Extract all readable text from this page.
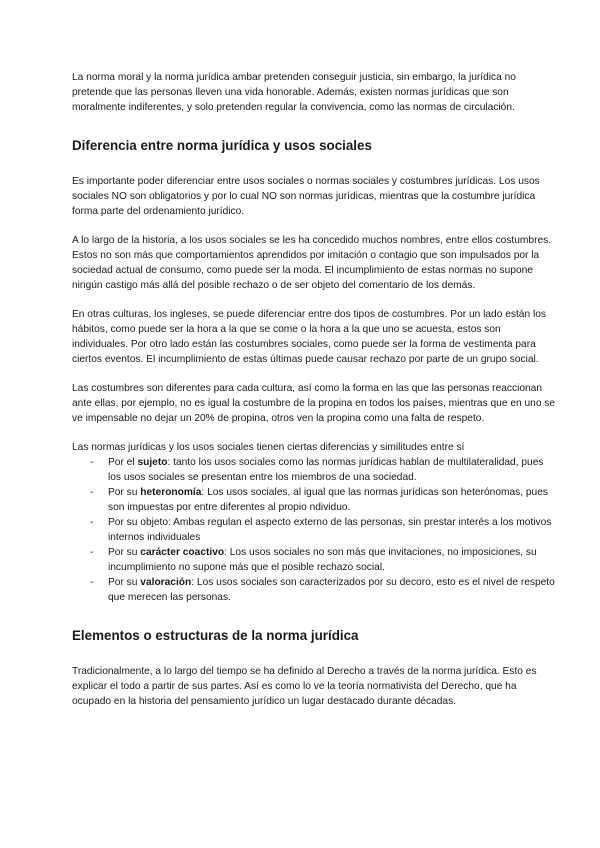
La norma moral y la norma jurídica ambar pretenden conseguir justicia, sin embargo, la jurídica no pretende que las personas lleven una vida honorable. Además, existen normas jurídicas que son moralmente indiferentes, y solo pretenden regular la convivencia, como las normas de circulación.

Diferencia entre norma jurídica y usos sociales

Es importante poder diferenciar entre usos sociales o normas sociales y costumbres jurídicas. Los usos sociales NO son obligatorios y por lo cual NO son normas jurídicas, mientras que la costumbre jurídica forma parte del ordenamiento jurídico.

A lo largo de la historia, a los usos sociales se les ha concedido muchos nombres, entre ellos costumbres. Estos no son más que comportamientos aprendidos por imitación o contagio que son impulsados por la sociedad actual de consumo, como puede ser la moda. El incumplimiento de estas normas no supone ningún castigo más allá del posible rechazo o de ser objeto del comentario de los demás.

En otras culturas, los ingleses, se puede diferenciar entre dos tipos de costumbres. Por un lado están los hábitos, como puede ser la hora a la que se come o la hora a la que uno se acuesta, estos son individuales. Por otro lado están las costumbres sociales, como puede ser la forma de vestimenta para ciertos eventos. El incumplimiento de estas últimas puede causar rechazo por parte de un grupo social.

Las costumbres son diferentes para cada cultura, así como la forma en las que las personas reaccionan ante ellas, por ejemplo, no es igual la costumbre de la propina en todos los países, mientras que en uno se ve impensable no dejar un 20% de propina, otros ven la propina como una falta de respeto.

Las normas jurídicas y los usos sociales tienen ciertas diferencias y similitudes entre sí

- Por el sujeto: tanto los usos sociales como las normas jurídicas hablan de multilateralidad, pues los usos sociales se presentan entre los miembros de una sociedad.
- Por su heteronomía: Los usos sociales, al igual que las normas jurídicas son heterónomas, pues son impuestas por entre diferentes al propio ndividuo.
- Por su objeto: Ambas regulan el aspecto externo de las personas, sin prestar interés a los motivos internos individuales
- Por su carácter coactivo: Los usos sociales no son más que invitaciones, no imposiciones, su incumplimiento no supone más que el posible rechazo social.
- Por su valoración: Los usos sociales son caracterizados por su decoro, esto es el nivel de respeto que merecen las personas.
Elementos o estructuras de la norma jurídica

Tradicionalmente, a lo largo del tiempo se ha definido al Derecho a través de la norma jurídica. Esto es explicar el todo a partir de sus partes. Así es como lo ve la teoría normativista del Derecho, que ha ocupado en la historia del pensamiento jurídico un lugar destacado durante décadas.
